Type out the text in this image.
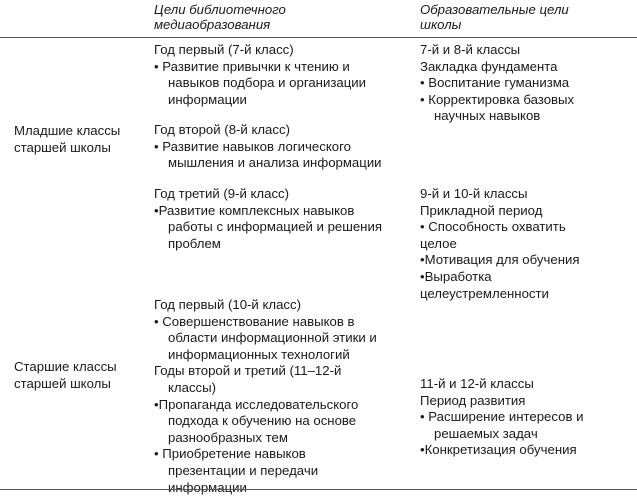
Цели библиотечного
медиаобразования
Образовательные цели
школы
Младшие классы
старшей школы
Старшие классы
старшей школы
Год первый (7-й класс)
• Развитие привычки к чтению и
навыков подбора и организации
информации
Год второй (8-й класс)
• Развитие навыков логического
мышления и анализа информации
Год третий (9-й класс)
•Развитие комплексных навыков
работы с информацией и решения
проблем
Год первый (10-й класс)
• Совершенствование навыков в
области информационной этики и
информационных технологий
Годы второй и третий (11–12-й
классы)
•Пропаганда исследовательского
подхода к обучению на основе
разнообразных тем
• Приобретение навыков
презентации и передачи
информации
7-й и 8-й классы
Закладка фундамента
• Воспитание гуманизма
• Корректировка базовых
научных навыков
9-й и 10-й классы
Прикладной период
• Способность охватить
целое
•Мотивация для обучения
•Выработка
целеустремленности
11-й и 12-й классы
Период развития
• Расширение интересов и
решаемых задач
•Конкретизация обучения
